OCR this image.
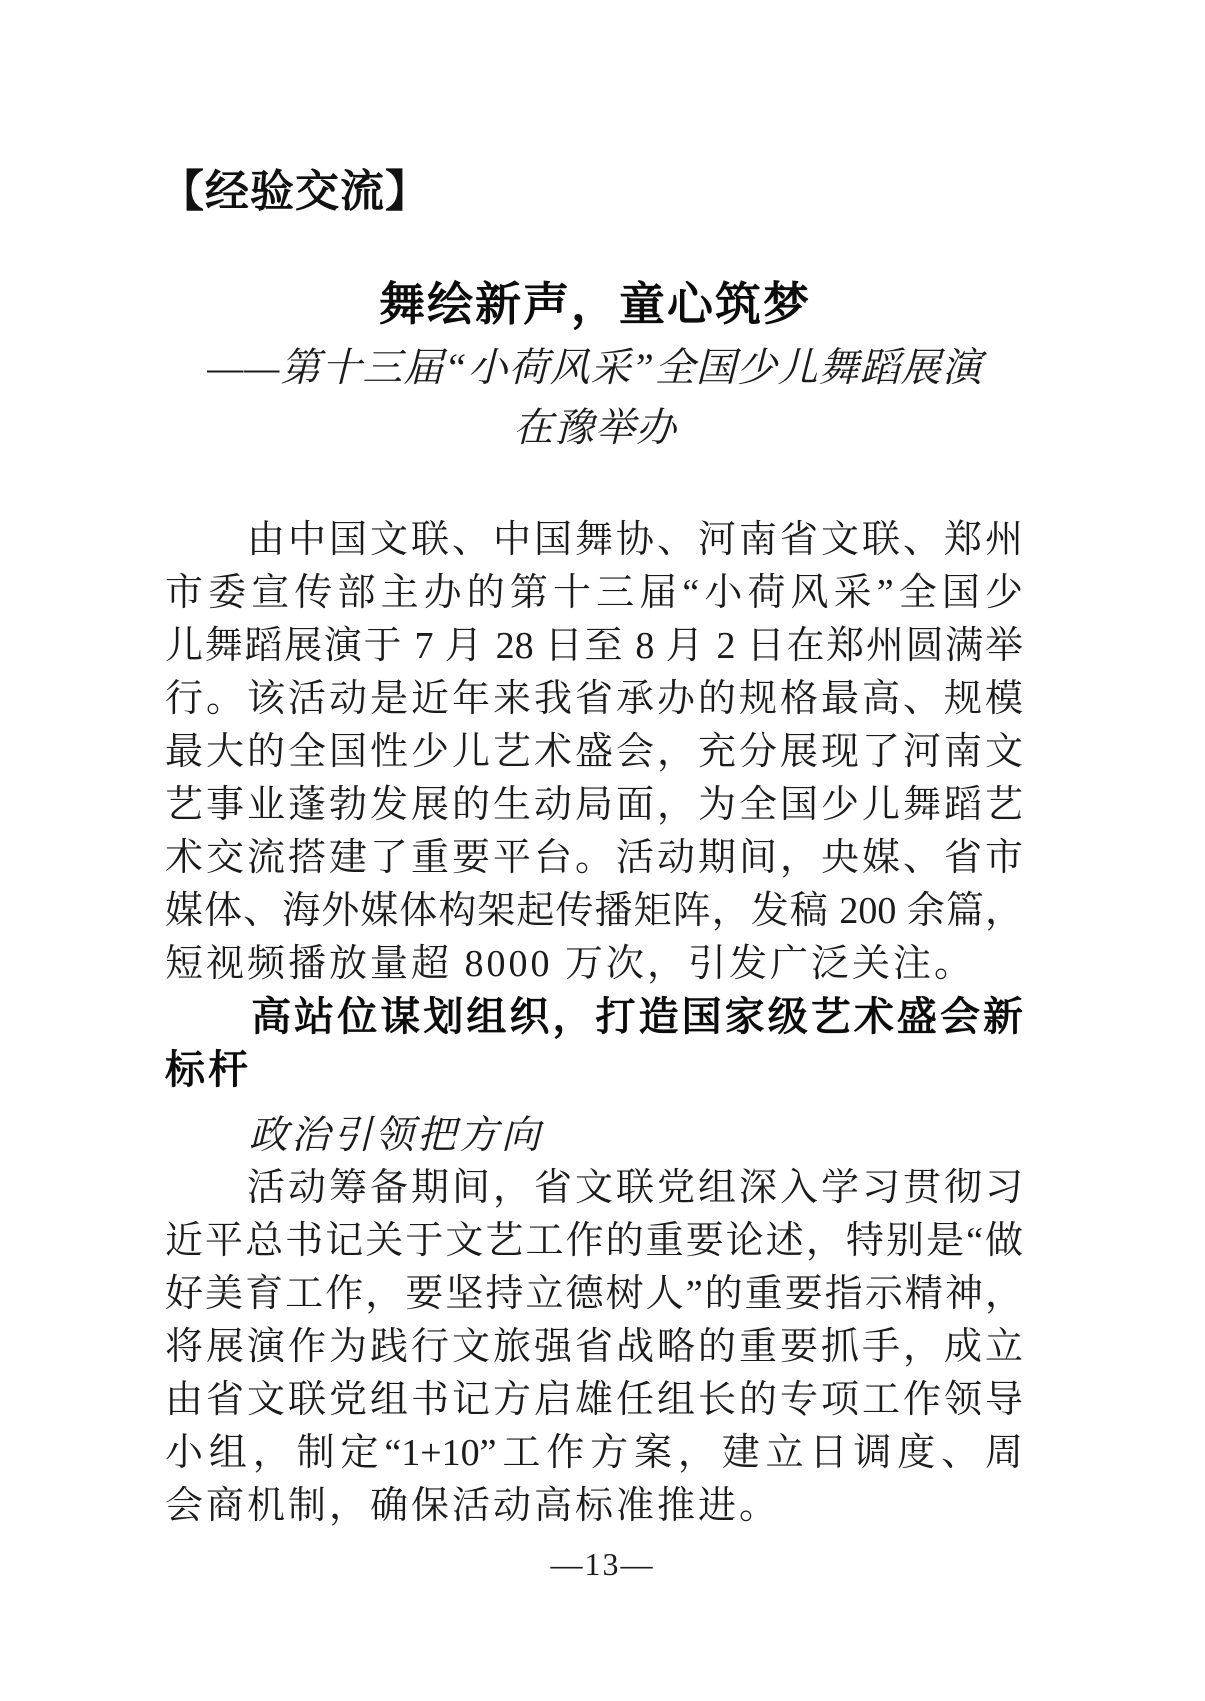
【经验交流】
舞绘新声，童心筑梦
——第十三届“小荷风采”全国少儿舞蹈展演
在豫举办
　　由中国文联、中国舞协、河南省文联、郑州
市委宣传部主办的第十三届“小荷风采”全国少
儿舞蹈展演于 7 月 28 日至 8 月 2 日在郑州圆满举
行。该活动是近年来我省承办的规格最高、规模
最大的全国性少儿艺术盛会，充分展现了河南文
艺事业蓬勃发展的生动局面，为全国少儿舞蹈艺
术交流搭建了重要平台。活动期间，央媒、省市
媒体、海外媒体构架起传播矩阵，发稿 200 余篇，
短视频播放量超 8000 万次，引发广泛关注。
　　高站位谋划组织，打造国家级艺术盛会新
标杆
　　政治引领把方向
　　活动筹备期间，省文联党组深入学习贯彻习
近平总书记关于文艺工作的重要论述，特别是“做
好美育工作，要坚持立德树人”的重要指示精神，
将展演作为践行文旅强省战略的重要抓手，成立
由省文联党组书记方启雄任组长的专项工作领导
小组，制定“1+10”工作方案，建立日调度、周
会商机制，确保活动高标准推进。
—13—
